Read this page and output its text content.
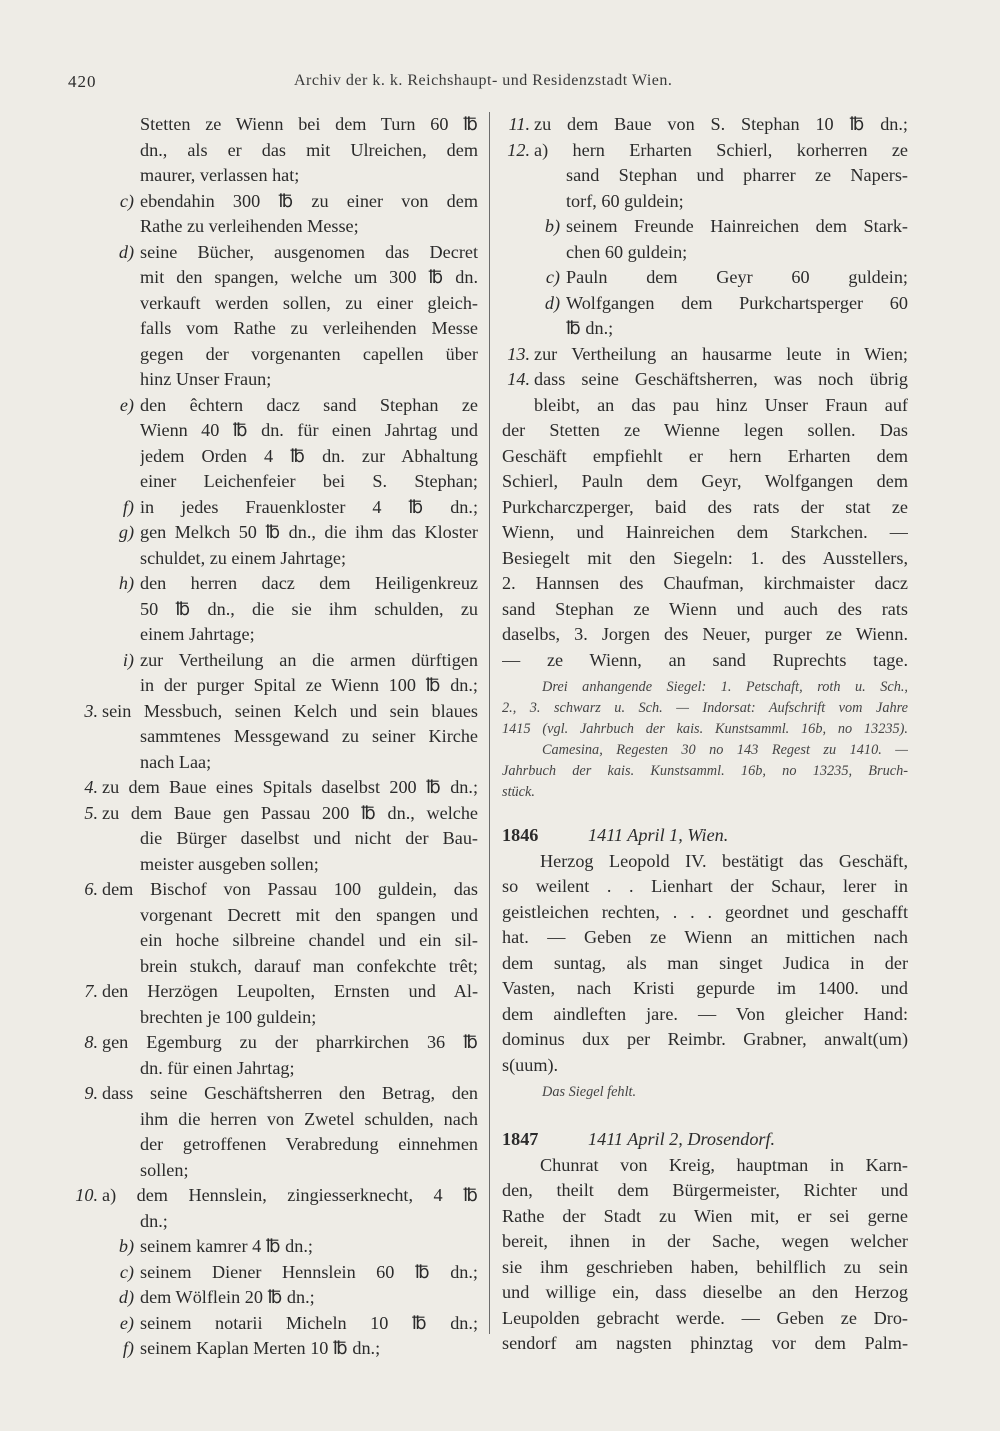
420	Archiv der k. k. Reichshaupt- und Residenzstadt Wien.
Stetten ze Wienn bei dem Turn 60 ℔
dn., als er das mit Ulreichen, dem
maurer, verlassen hat;
c) ebendahin 300 ℔ zu einer von dem
Rathe zu verleihenden Messe;
d) seine Bücher, ausgenomen das Decret
mit den spangen, welche um 300 ℔ dn.
verkauft werden sollen, zu einer gleich-
falls vom Rathe zu verleihenden Messe
gegen der vorgenanten capellen über
hinz Unser Fraun;
e) den êchtern dacz sand Stephan ze
Wienn 40 ℔ dn. für einen Jahrtag und
jedem Orden 4 ℔ dn. zur Abhaltung
einer Leichenfeier bei S. Stephan;
f) in jedes Frauenkloster 4 ℔ dn.;
g) gen Melkch 50 ℔ dn., die ihm das Kloster
schuldet, zu einem Jahrtage;
h) den herren dacz dem Heiligenkreuz
50 ℔ dn., die sie ihm schulden, zu
einem Jahrtage;
i) zur Vertheilung an die armen dürftigen
in der purger Spital ze Wienn 100 ℔ dn.;
3. sein Messbuch, seinen Kelch und sein blaues
sammtenes Messgewand zu seiner Kirche
nach Laa;
4. zu dem Baue eines Spitals daselbst 200 ℔ dn.;
5. zu dem Baue gen Passau 200 ℔ dn., welche
die Bürger daselbst und nicht der Bau-
meister ausgeben sollen;
6. dem Bischof von Passau 100 guldein, das
vorgenant Decrett mit den spangen und
ein hoche silbreine chandel und ein sil-
brein stukch, darauf man confekchte trêt;
7. den Herzögen Leupolten, Ernsten und Al-
brechten je 100 guldein;
8. gen Egemburg zu der pharrkirchen 36 ℔
dn. für einen Jahrtag;
9. dass seine Geschäftsherren den Betrag, den
ihm die herren von Zwetel schulden, nach
der getroffenen Verabredung einnehmen
sollen;
10. a) dem Hennslein, zingiesserknecht, 4 ℔
dn.;
b) seinem kamrer 4 ℔ dn.;
c) seinem Diener Hennslein 60 ℔ dn.;
d) dem Wölflein 20 ℔ dn.;
e) seinem notarii Micheln 10 ℔ dn.;
f) seinem Kaplan Merten 10 ℔ dn.;
11. zu dem Baue von S. Stephan 10 ℔ dn.;
12. a) hern Erharten Schierl, korherren ze
sand Stephan und pharrer ze Napers-
torf, 60 guldein;
b) seinem Freunde Hainreichen dem Stark-
chen 60 guldein;
c) Pauln dem Geyr 60 guldein;
d) Wolfgangen dem Purkchartsperger 60
℔ dn.;
13. zur Vertheilung an hausarme leute in Wien;
14. dass seine Geschäftsherren, was noch übrig
bleibt, an das pau hinz Unser Fraun auf
der Stetten ze Wienne legen sollen. Das
Geschäft empfiehlt er hern Erharten dem
Schierl, Pauln dem Geyr, Wolfgangen dem
Purkcharczperger, baid des rats der stat ze
Wienn, und Hainreichen dem Starkchen. —
Besiegelt mit den Siegeln: 1. des Ausstellers,
2. Hannsen des Chaufman, kirchmaister dacz
sand Stephan ze Wienn und auch des rats
daselbs, 3. Jorgen des Neuer, purger ze Wienn.
— ze Wienn, an sand Ruprechts tage.
Drei anhangende Siegel: 1. Petschaft, roth u. Sch.,
2., 3. schwarz u. Sch. — Indorsat: Aufschrift vom Jahre
1415 (vgl. Jahrbuch der kais. Kunstsamml. 16b, no 13235).
Camesina, Regesten 30 no 143 Regest zu 1410. —
Jahrbuch der kais. Kunstsamml. 16b, no 13235, Bruch-
stück.
1846	1411 April 1, Wien.
Herzog Leopold IV. bestätigt das Geschäft,
so weilent . . Lienhart der Schaur, lerer in
geistleichen rechten, . . . geordnet und geschafft
hat. — Geben ze Wienn an mittichen nach
dem suntag, als man singet Judica in der
Vasten, nach Kristi gepurde im 1400. und
dem aindleften jare. — Von gleicher Hand:
dominus dux per Reimbr. Grabner, anwalt(um)
s(uum).
Das Siegel fehlt.
1847	1411 April 2, Drosendorf.
Chunrat von Kreig, hauptman in Karn-
den, theilt dem Bürgermeister, Richter und
Rathe der Stadt zu Wien mit, er sei gerne
bereit, ihnen in der Sache, wegen welcher
sie ihm geschrieben haben, behilflich zu sein
und willige ein, dass dieselbe an den Herzog
Leupolden gebracht werde. — Geben ze Dro-
sendorf am nagsten phinztag vor dem Palm-
